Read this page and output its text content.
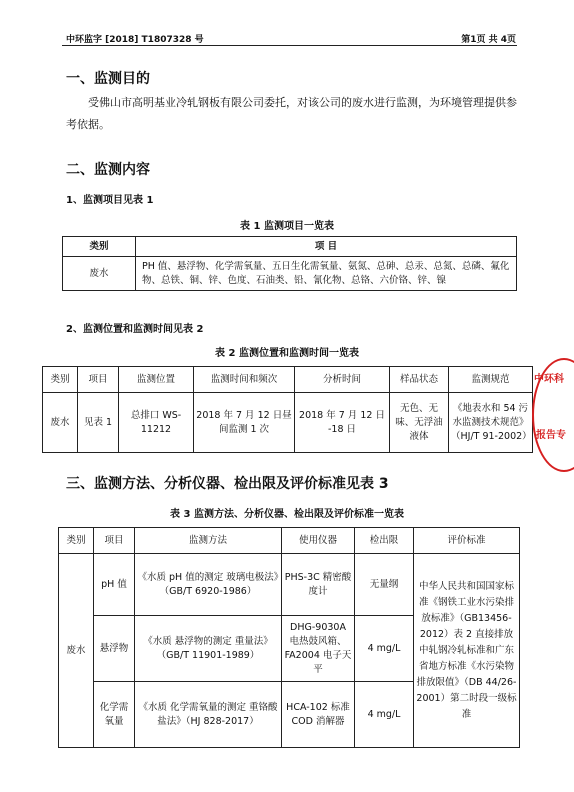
中环监字 [2018] T1807328 号	第1页 共 4页
一、监测目的
受佛山市高明基业冷轧钢板有限公司委托，对该公司的废水进行监测，为环境管理提供参考依据。
二、监测内容
1、监测项目见表 1
表 1 监测项目一览表
类别	项 目
废水	PH 值、悬浮物、化学需氧量、五日生化需氧量、氨氮、总砷、总汞、总氮、总磷、氟化物、总铁、铜、锌、色度、石油类、铅、氰化物、总铬、六价铬、锌、镍
2、监测位置和监测时间见表 2
表 2 监测位置和监测时间一览表
类别	项目	监测位置	监测时间和频次	分析时间	样品状态	监测规范
废水	见表 1	总排口 WS-11212	2018 年 7 月 12 日昼间监测 1 次	2018 年 7 月 12 日 -18 日	无色、无味、无浮油液体	《地表水和 54 污水监测技术规范》（HJ/T 91-2002）
中环科
报告专
三、监测方法、分析仪器、检出限及评价标准见表 3
表 3 监测方法、分析仪器、检出限及评价标准一览表
类别	项目	监测方法	使用仪器	检出限	评价标准
废水	pH 值	《水质 pH 值的测定 玻璃电极法》（GB/T 6920-1986）	PHS-3C 精密酸度计	无量纲	中华人民共和国国家标准《钢铁工业水污染排放标准》（GB13456-2012）表 2 直接排放中轧钢冷轧标准和广东省地方标准《水污染物排放限值》（DB 44/26-2001）第二时段一级标准
	悬浮物	《水质 悬浮物的测定 重量法》（GB/T 11901-1989）	DHG-9030A 电热鼓风箱、FA2004 电子天平	4 mg/L	
	化学需氧量	《水质 化学需氧量的测定 重铬酸盐法》（HJ 828-2017）	HCA-102 标准 COD 消解器	4 mg/L	
